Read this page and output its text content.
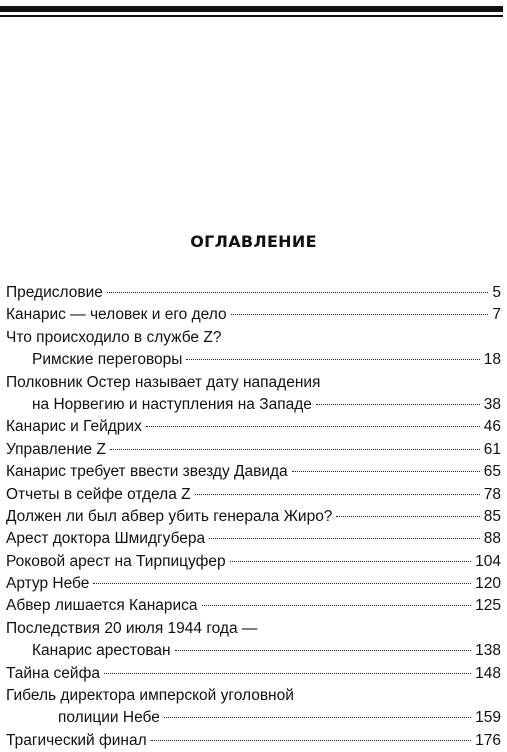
ОГЛАВЛЕНИЕ
Предисловие	5
Канарис — человек и его дело	7
Что происходило в службе Z?
Римские переговоры	18
Полковник Остер называет дату нападения
на Норвегию и наступления на Западе	38
Канарис и Гейдрих	46
Управление Z	61
Канарис требует ввести звезду Давида	65
Отчеты в сейфе отдела Z	78
Должен ли был абвер убить генерала Жиро?	85
Арест доктора Шмидгубера	88
Роковой арест на Тирпицуфер	104
Артур Небе	120
Абвер лишается Канариса	125
Последствия 20 июля 1944 года —
Канарис арестован	138
Тайна сейфа	148
Гибель директора имперской уголовной
полиции Небе	159
Трагический финал	176
